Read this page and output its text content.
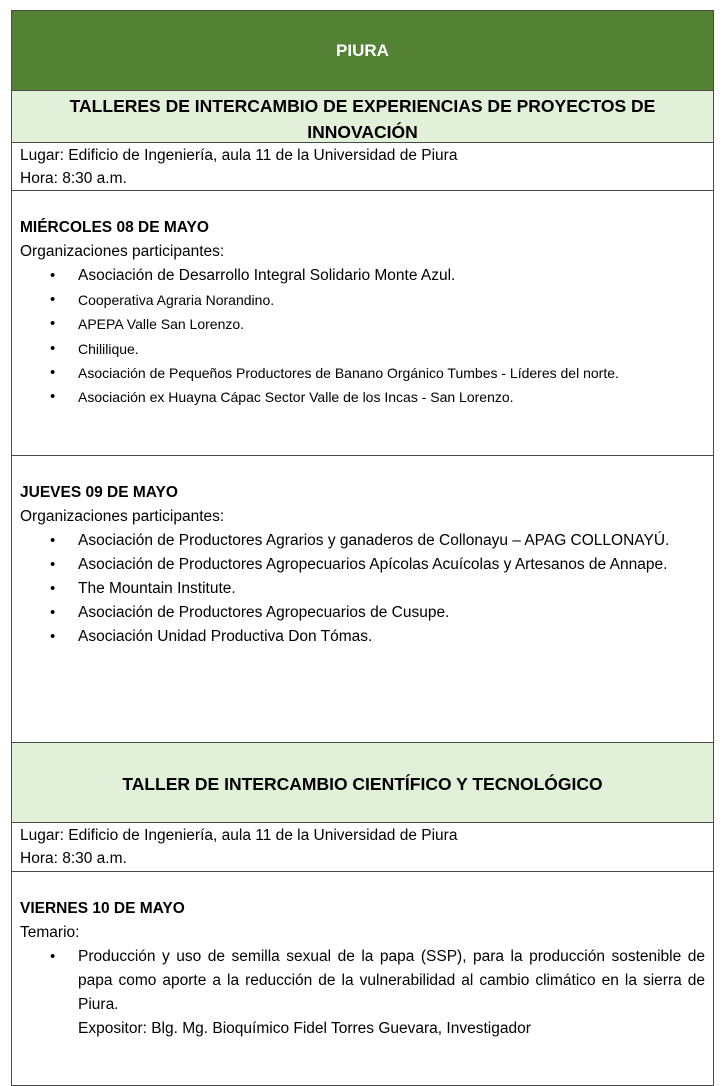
PIURA
TALLERES DE INTERCAMBIO DE EXPERIENCIAS DE PROYECTOS DE INNOVACIÓN
Lugar: Edificio de Ingeniería, aula 11 de la Universidad de Piura
Hora: 8:30 a.m.
MIÉRCOLES 08 DE MAYO
Organizaciones participantes:
• Asociación de Desarrollo Integral Solidario Monte Azul.
• Cooperativa Agraria Norandino.
• APEPA Valle San Lorenzo.
• Chililique.
• Asociación de Pequeños Productores de Banano Orgánico Tumbes - Líderes del norte.
• Asociación ex Huayna Cápac Sector Valle de los Incas - San Lorenzo.
JUEVES 09 DE MAYO
Organizaciones participantes:
• Asociación de Productores Agrarios y ganaderos de Collonayu – APAG COLLONAYÚ.
• Asociación de Productores Agropecuarios Apícolas Acuícolas y Artesanos de Annape.
• The Mountain Institute.
• Asociación de Productores Agropecuarios de Cusupe.
• Asociación Unidad Productiva Don Tómas.
TALLER DE INTERCAMBIO CIENTÍFICO Y TECNOLÓGICO
Lugar: Edificio de Ingeniería, aula 11 de la Universidad de Piura
Hora: 8:30 a.m.
VIERNES 10 DE MAYO
Temario:
• Producción y uso de semilla sexual de la papa (SSP), para la producción sostenible de papa como aporte a la reducción de la vulnerabilidad al cambio climático en la sierra de Piura.
Expositor: Blg. Mg. Bioquímico Fidel Torres Guevara, Investigador
